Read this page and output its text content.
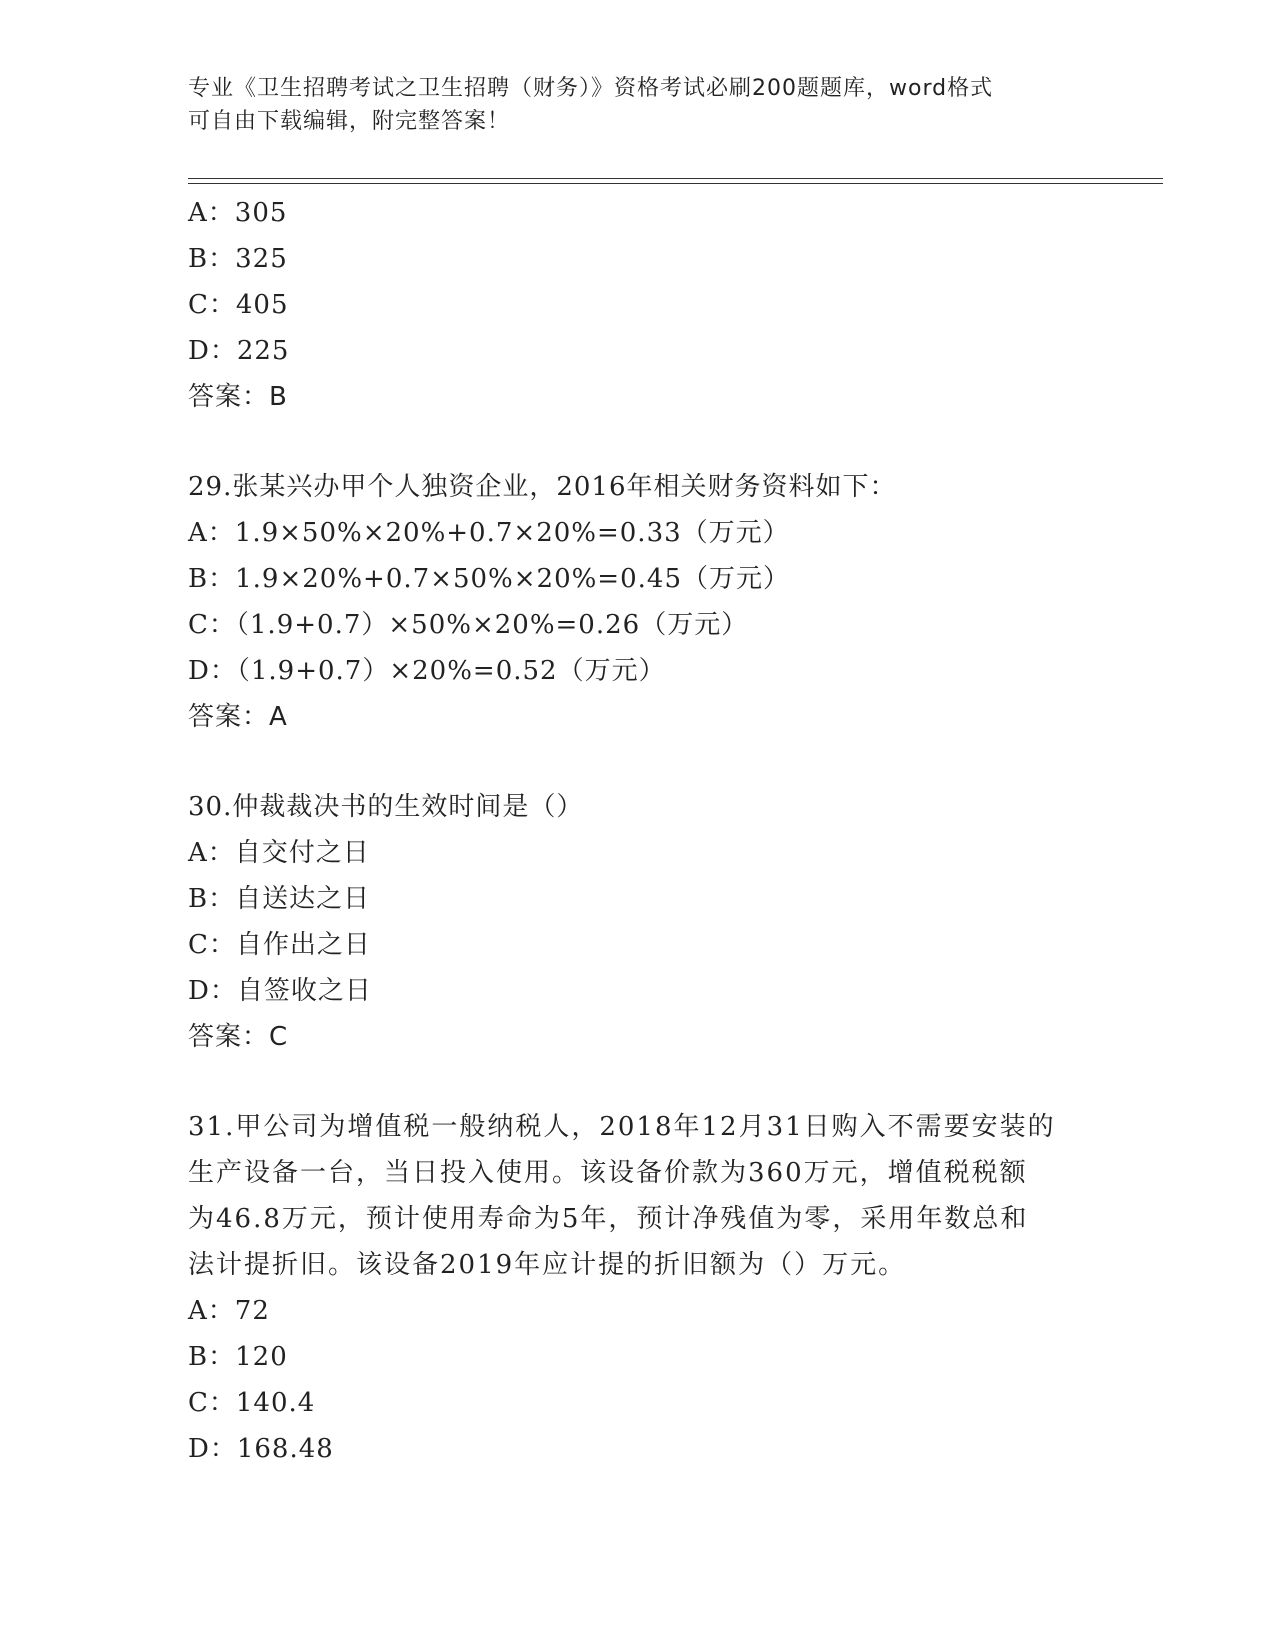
专业《卫生招聘考试之卫生招聘（财务）》资格考试必刷200题题库，word格式
可自由下载编辑，附完整答案！
A：305
B：325
C：405
D：225
答案：B
29.张某兴办甲个人独资企业，2016年相关财务资料如下：
A：1.9×50%×20%+0.7×20%=0.33（万元）
B：1.9×20%+0.7×50%×20%=0.45（万元）
C：（1.9+0.7）×50%×20%=0.26（万元）
D：（1.9+0.7）×20%=0.52（万元）
答案：A
30.仲裁裁决书的生效时间是（）
A：自交付之日
B：自送达之日
C：自作出之日
D：自签收之日
答案：C
31.甲公司为增值税一般纳税人，2018年12月31日购入不需要安装的
生产设备一台，当日投入使用。该设备价款为360万元，增值税税额
为46.8万元，预计使用寿命为5年，预计净残值为零，采用年数总和
法计提折旧。该设备2019年应计提的折旧额为（）万元。
A：72
B：120
C：140.4
D：168.48
